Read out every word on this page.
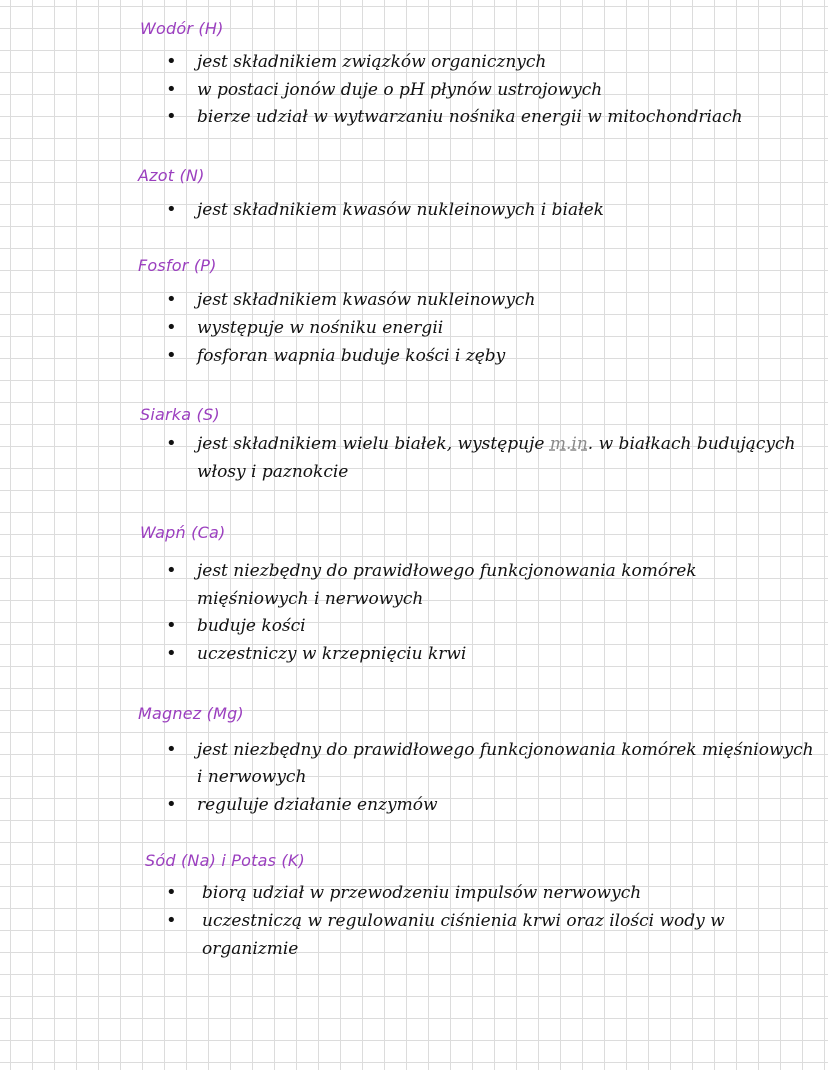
Wodór (H)
• jest składnikiem związków organicznych
• w postaci jonów duje o pH płynów ustrojowych
• bierze udział w wytwarzaniu nośnika energii w mitochondriach
Azot (N)
• jest składnikiem kwasów nukleinowych i białek
Fosfor (P)
• jest składnikiem kwasów nukleinowych
• występuje w nośniku energii
• fosforan wapnia buduje kości i zęby
Siarka (S)
• jest składnikiem wielu białek, występuje m.in. w białkach budujących
włosy i paznokcie
Wapń (Ca)
• jest niezbędny do prawidłowego funkcjonowania komórek
mięśniowych i nerwowych
• buduje kości
• uczestniczy w krzepnięciu krwi
Magnez (Mg)
• jest niezbędny do prawidłowego funkcjonowania komórek mięśniowych
i nerwowych
• reguluje działanie enzymów
Sód (Na) i Potas (K)
• biorą udział w przewodzeniu impulsów nerwowych
• uczestniczą w regulowaniu ciśnienia krwi oraz ilości wody w
organizmie
